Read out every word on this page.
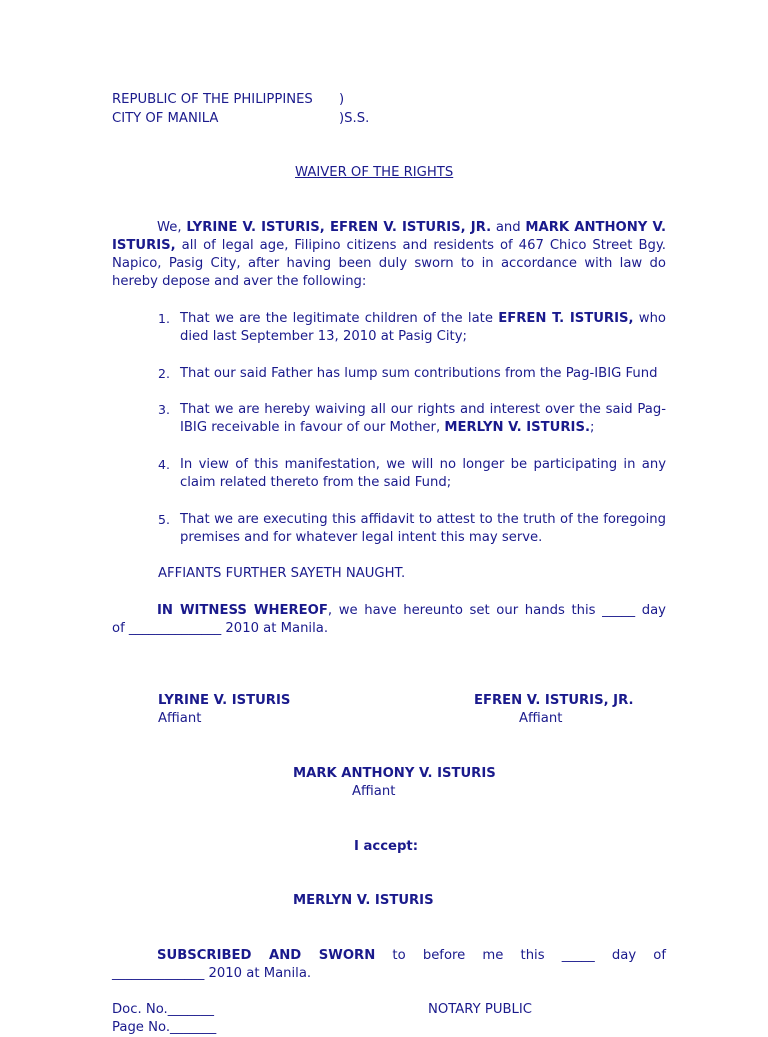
REPUBLIC OF THE PHILIPPINES )
CITY OF MANILA	)S.S.
WAIVER OF THE RIGHTS
We, LYRINE V. ISTURIS, EFREN V. ISTURIS, JR. and MARK ANTHONY V. ISTURIS, all of legal age, Filipino citizens and residents of 467 Chico Street Bgy. Napico, Pasig City, after having been duly sworn to in accordance with law do hereby depose and aver the following:
1. That we are the legitimate children of the late EFREN T. ISTURIS, who died last September 13, 2010 at Pasig City;
2. That our said Father has lump sum contributions from the Pag-IBIG Fund
3. That we are hereby waiving all our rights and interest over the said Pag-IBIG receivable in favour of our Mother, MERLYN V. ISTURIS.;
4. In view of this manifestation, we will no longer be participating in any claim related thereto from the said Fund;
5. That we are executing this affidavit to attest to the truth of the foregoing premises and for whatever legal intent this may serve.
AFFIANTS FURTHER SAYETH NAUGHT.
IN WITNESS WHEREOF, we have hereunto set our hands this _____ day
of ______________ 2010 at Manila.
LYRINE V. ISTURIS
Affiant
EFREN V. ISTURIS, JR.
Affiant
MARK ANTHONY V. ISTURIS
Affiant
I accept:
MERLYN V. ISTURIS
SUBSCRIBED AND SWORN to before me this _____ day of
______________ 2010 at Manila.
Doc. No._______	NOTARY PUBLIC
Page No._______
